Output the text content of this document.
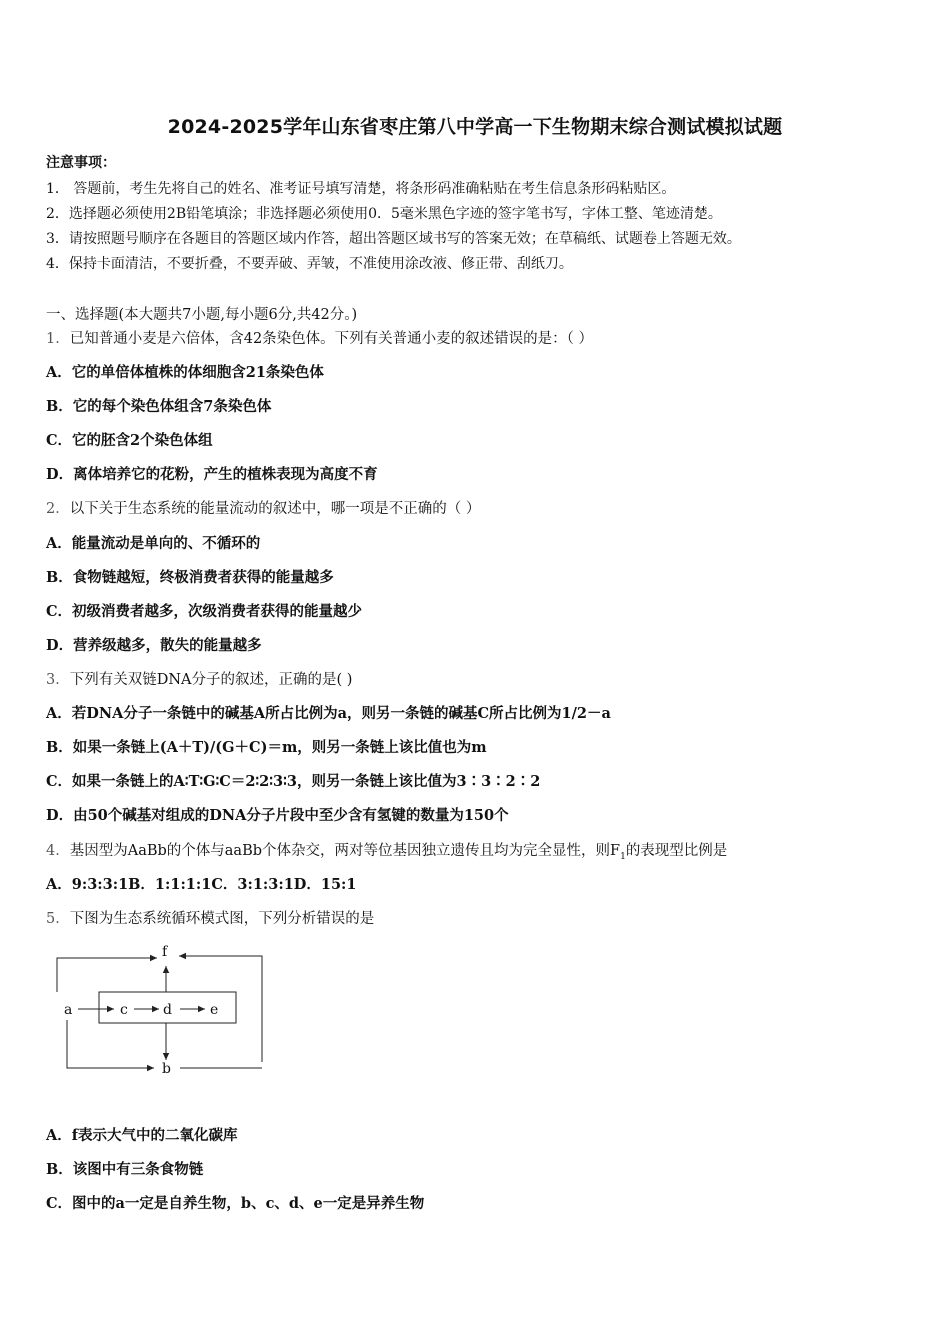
2024-2025学年山东省枣庄第八中学高一下生物期末综合测试模拟试题
注意事项：
1． 答题前，考生先将自己的姓名、准考证号填写清楚，将条形码准确粘贴在考生信息条形码粘贴区。
2．选择题必须使用2B铅笔填涂；非选择题必须使用0．5毫米黑色字迹的签字笔书写，字体工整、笔迹清楚。
3．请按照题号顺序在各题目的答题区域内作答，超出答题区域书写的答案无效；在草稿纸、试题卷上答题无效。
4．保持卡面清洁，不要折叠，不要弄破、弄皱，不准使用涂改液、修正带、刮纸刀。
一、选择题(本大题共7小题,每小题6分,共42分。)
1．已知普通小麦是六倍体，含42条染色体。下列有关普通小麦的叙述错误的是：（ ）
A．它的单倍体植株的体细胞含21条染色体
B．它的每个染色体组含7条染色体
C．它的胚含2个染色体组
D．离体培养它的花粉，产生的植株表现为高度不育
2．以下关于生态系统的能量流动的叙述中，哪一项是不正确的（ ）
A．能量流动是单向的、不循环的
B．食物链越短，终极消费者获得的能量越多
C．初级消费者越多，次级消费者获得的能量越少
D．营养级越多，散失的能量越多
3．下列有关双链DNA分子的叙述，正确的是( )
A．若DNA分子一条链中的碱基A所占比例为a，则另一条链的碱基C所占比例为1/2－a
B．如果一条链上(A＋T)/(G＋C)＝m，则另一条链上该比值也为m
C．如果一条链上的A∶T∶G∶C＝2∶2∶3∶3，则另一条链上该比值为3∶3∶2∶2
D．由50个碱基对组成的DNA分子片段中至少含有氢键的数量为150个
4．基因型为AaBb的个体与aaBb个体杂交，两对等位基因独立遗传且均为完全显性，则$F_1$的表现型比例是
A．9:3:3:1B．1:1:1:1C．3:1:3:1D．15:1
5．下图为生态系统循环模式图，下列分析错误的是
f
a	c	d	e
b
A．f表示大气中的二氧化碳库
B．该图中有三条食物链
C．图中的a一定是自养生物，b、c、d、e一定是异养生物
